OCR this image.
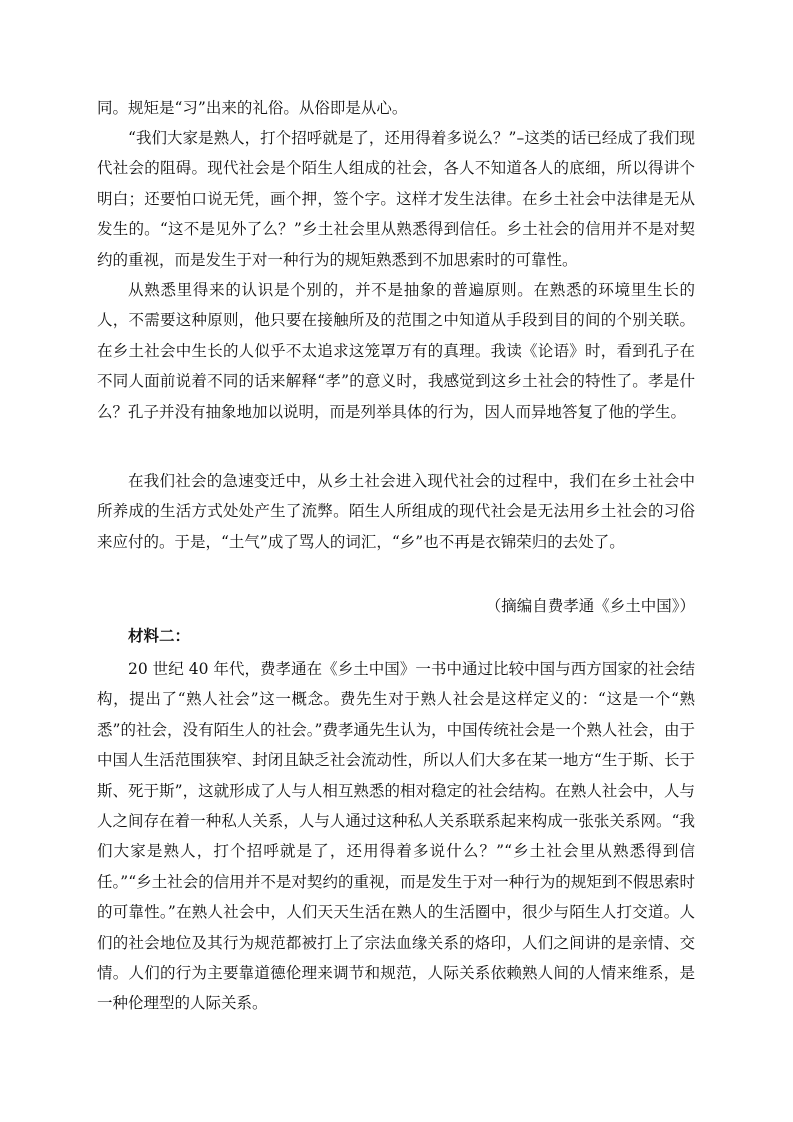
同。规矩是“习”出来的礼俗。从俗即是从心。

“我们大家是熟人，打个招呼就是了，还用得着多说么？”–这类的话已经成了我们现代社会的阻碍。现代社会是个陌生人组成的社会，各人不知道各人的底细，所以得讲个明白；还要怕口说无凭，画个押，签个字。这样才发生法律。在乡土社会中法律是无从发生的。“这不是见外了么？”乡土社会里从熟悉得到信任。乡土社会的信用并不是对契约的重视，而是发生于对一种行为的规矩熟悉到不加思索时的可靠性。

从熟悉里得来的认识是个别的，并不是抽象的普遍原则。在熟悉的环境里生长的人，不需要这种原则，他只要在接触所及的范围之中知道从手段到目的间的个别关联。在乡土社会中生长的人似乎不太追求这笼罩万有的真理。我读《论语》时，看到孔子在不同人面前说着不同的话来解释“孝”的意义时，我感觉到这乡土社会的特性了。孝是什么？孔子并没有抽象地加以说明，而是列举具体的行为，因人而异地答复了他的学生。

在我们社会的急速变迁中，从乡土社会进入现代社会的过程中，我们在乡土社会中所养成的生活方式处处产生了流弊。陌生人所组成的现代社会是无法用乡土社会的习俗来应付的。于是，“土气”成了骂人的词汇，“乡”也不再是衣锦荣归的去处了。

（摘编自费孝通《乡土中国》）

材料二：

20 世纪 40 年代，费孝通在《乡土中国》一书中通过比较中国与西方国家的社会结构，提出了“熟人社会”这一概念。费先生对于熟人社会是这样定义的：“这是一个“熟悉”的社会，没有陌生人的社会。”费孝通先生认为，中国传统社会是一个熟人社会，由于中国人生活范围狭窄、封闭且缺乏社会流动性，所以人们大多在某一地方“生于斯、长于斯、死于斯”，这就形成了人与人相互熟悉的相对稳定的社会结构。在熟人社会中，人与人之间存在着一种私人关系，人与人通过这种私人关系联系起来构成一张张关系网。“我们大家是熟人，打个招呼就是了，还用得着多说什么？”“乡土社会里从熟悉得到信任。”“乡土社会的信用并不是对契约的重视，而是发生于对一种行为的规矩到不假思索时的可靠性。”在熟人社会中，人们天天生活在熟人的生活圈中，很少与陌生人打交道。人们的社会地位及其行为规范都被打上了宗法血缘关系的烙印，人们之间讲的是亲情、交情。人们的行为主要靠道德伦理来调节和规范，人际关系依赖熟人间的人情来维系，是一种伦理型的人际关系。
